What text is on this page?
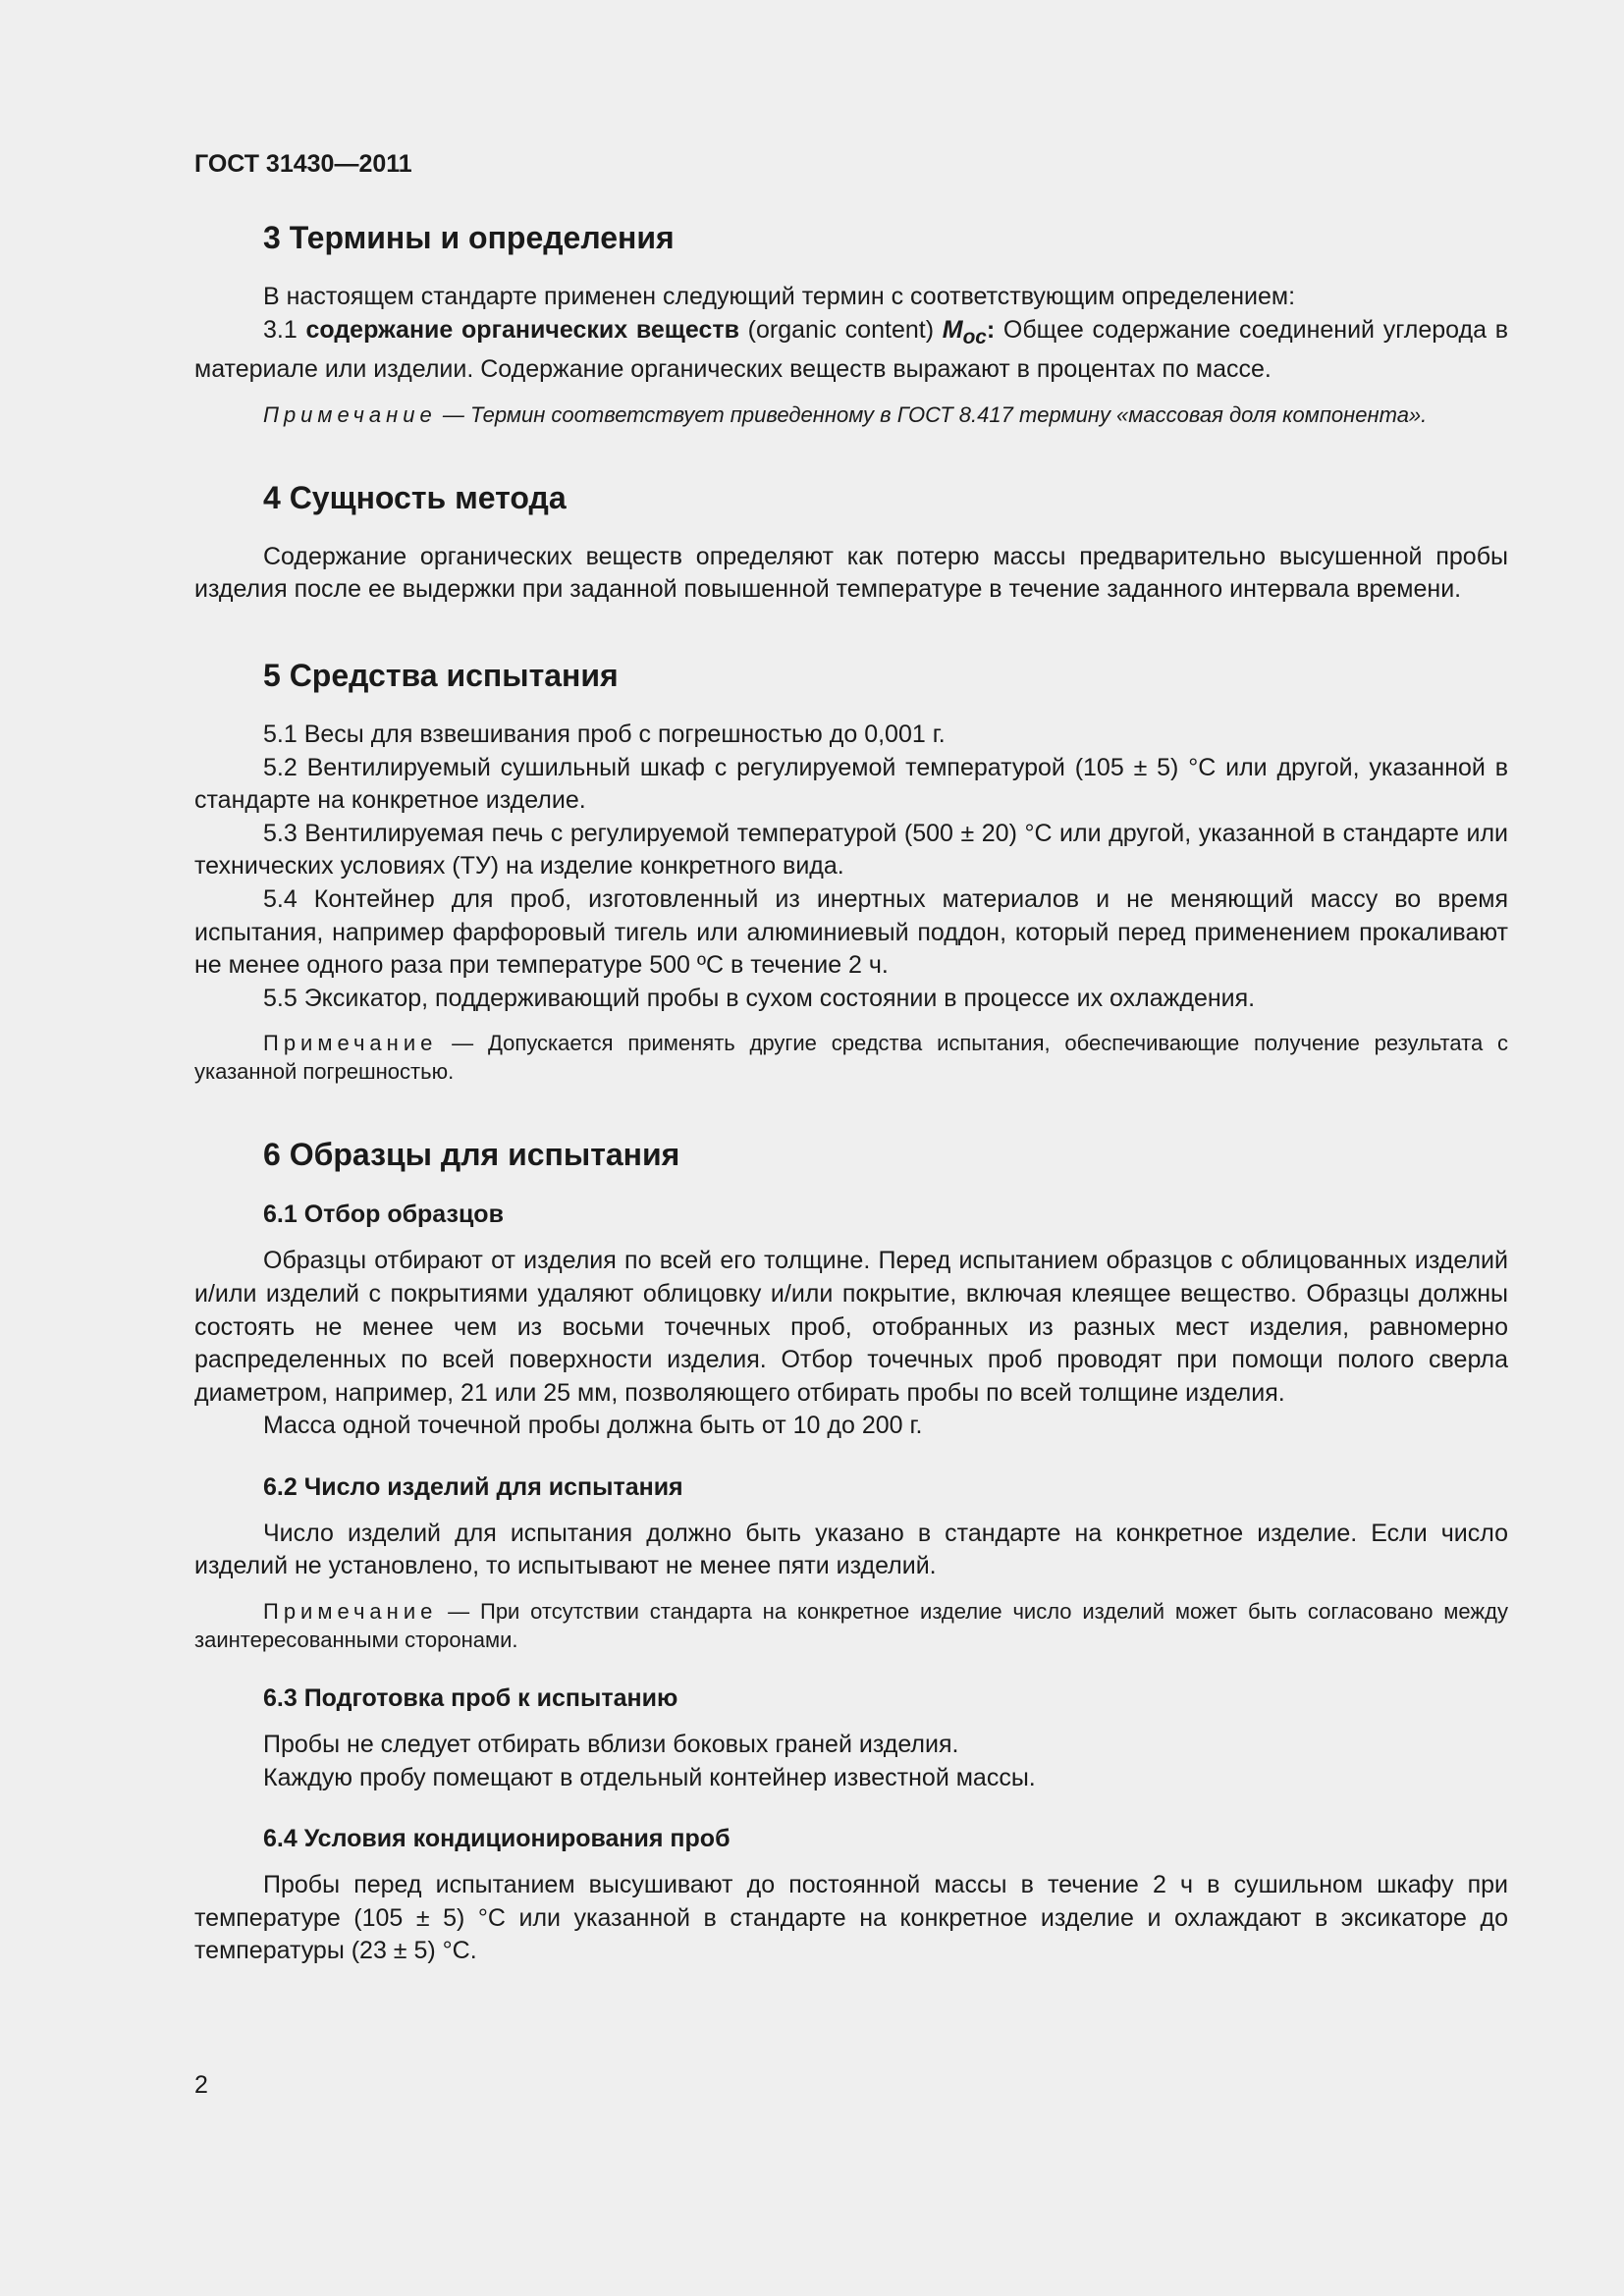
ГОСТ 31430—2011
3 Термины и определения

В настоящем стандарте применен следующий термин с соответствующим определением:

3.1 содержание органических веществ (organic content) $M_{oc}$: Общее содержание соединений углерода в материале или изделии. Содержание органических веществ выражают в процентах по массе.

Примечание — Термин соответствует приведенному в ГОСТ 8.417 термину «массовая доля компонента».
4 Сущность метода

Содержание органических веществ определяют как потерю массы предварительно высушенной пробы изделия после ее выдержки при заданной повышенной температуре в течение заданного интервала времени.

5 Средства испытания

5.1 Весы для взвешивания проб с погрешностью до 0,001 г.

5.2 Вентилируемый сушильный шкаф с регулируемой температурой (105 ± 5) °С или другой, указанной в стандарте на конкретное изделие.

5.3 Вентилируемая печь с регулируемой температурой (500 ± 20) °С или другой, указанной в стандарте или технических условиях (ТУ) на изделие конкретного вида.

5.4 Контейнер для проб, изготовленный из инертных материалов и не меняющий массу во время испытания, например фарфоровый тигель или алюминиевый поддон, который перед применением прокаливают не менее одного раза при температуре 500 ºС в течение 2 ч.

5.5 Эксикатор, поддерживающий пробы в сухом состоянии в процессе их охлаждения.

Примечание — Допускается применять другие средства испытания, обеспечивающие получение результата с указанной погрешностью.
6 Образцы для испытания
6.1 Отбор образцов

Образцы отбирают от изделия по всей его толщине. Перед испытанием образцов с облицованных изделий и/или изделий с покрытиями удаляют облицовку и/или покрытие, включая клеящее вещество. Образцы должны состоять не менее чем из восьми точечных проб, отобранных из разных мест изделия, равномерно распределенных по всей поверхности изделия. Отбор точечных проб проводят при помощи полого сверла диаметром, например, 21 или 25 мм, позволяющего отбирать пробы по всей толщине изделия.

Масса одной точечной пробы должна быть от 10 до 200 г.

6.2 Число изделий для испытания

Число изделий для испытания должно быть указано в стандарте на конкретное изделие. Если число изделий не установлено, то испытывают не менее пяти изделий.

Примечание — При отсутствии стандарта на конкретное изделие число изделий может быть согласовано между заинтересованными сторонами.
6.3 Подготовка проб к испытанию

Пробы не следует отбирать вблизи боковых граней изделия.

Каждую пробу помещают в отдельный контейнер известной массы.

6.4 Условия кондиционирования проб

Пробы перед испытанием высушивают до постоянной массы в течение 2 ч в сушильном шкафу при температуре (105 ± 5) °С или указанной в стандарте на конкретное изделие и охлаждают в эксикаторе до температуры (23 ± 5) °С.

2
